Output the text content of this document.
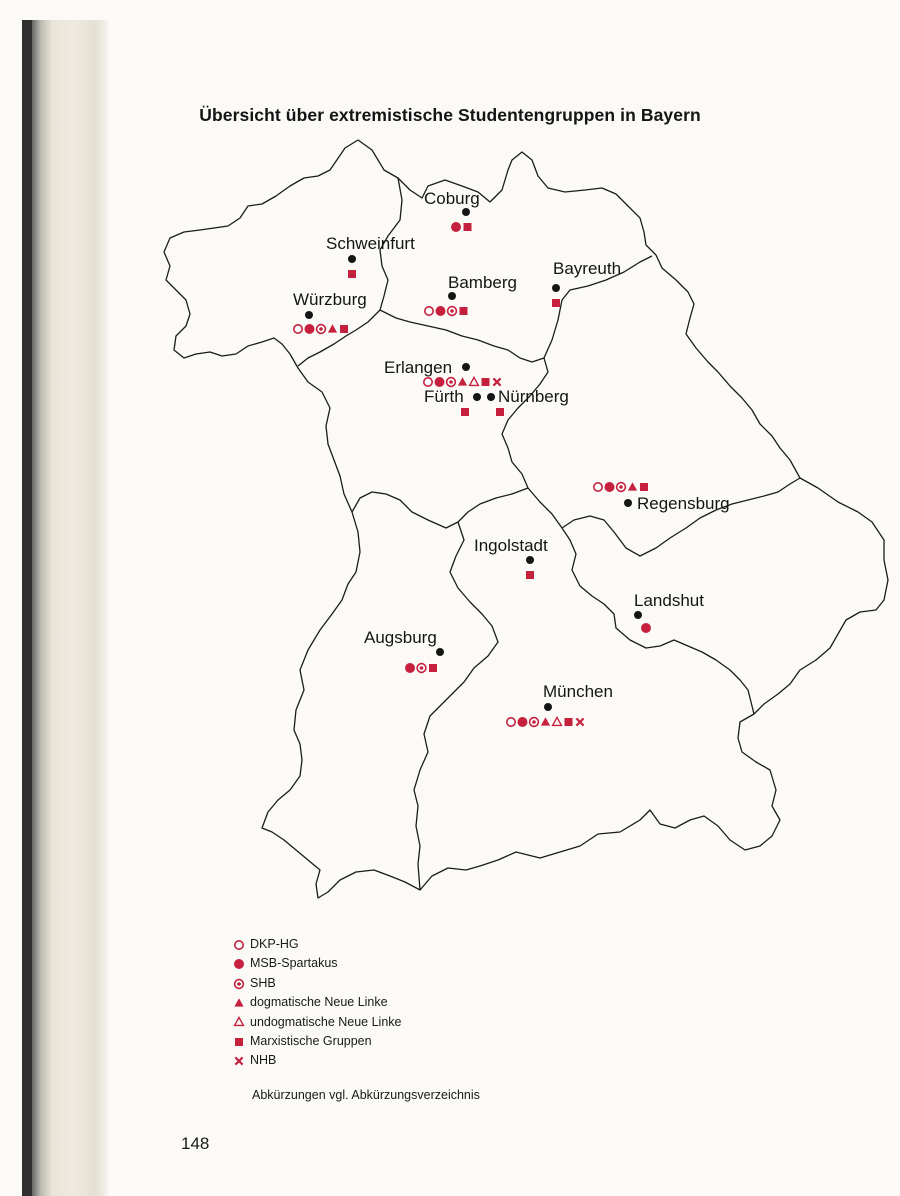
Übersicht über extremistische Studentengruppen in Bayern
Coburg
Schweinfurt
Bamberg
Bayreuth
Würzburg
Erlangen
Fürth Nürnberg
Regensburg
Ingolstadt
Landshut
Augsburg
München
DKP-HG
MSB-Spartakus
SHB
dogmatische Neue Linke
undogmatische Neue Linke
Marxistische Gruppen
NHB
Abkürzungen vgl. Abkürzungsverzeichnis
148
